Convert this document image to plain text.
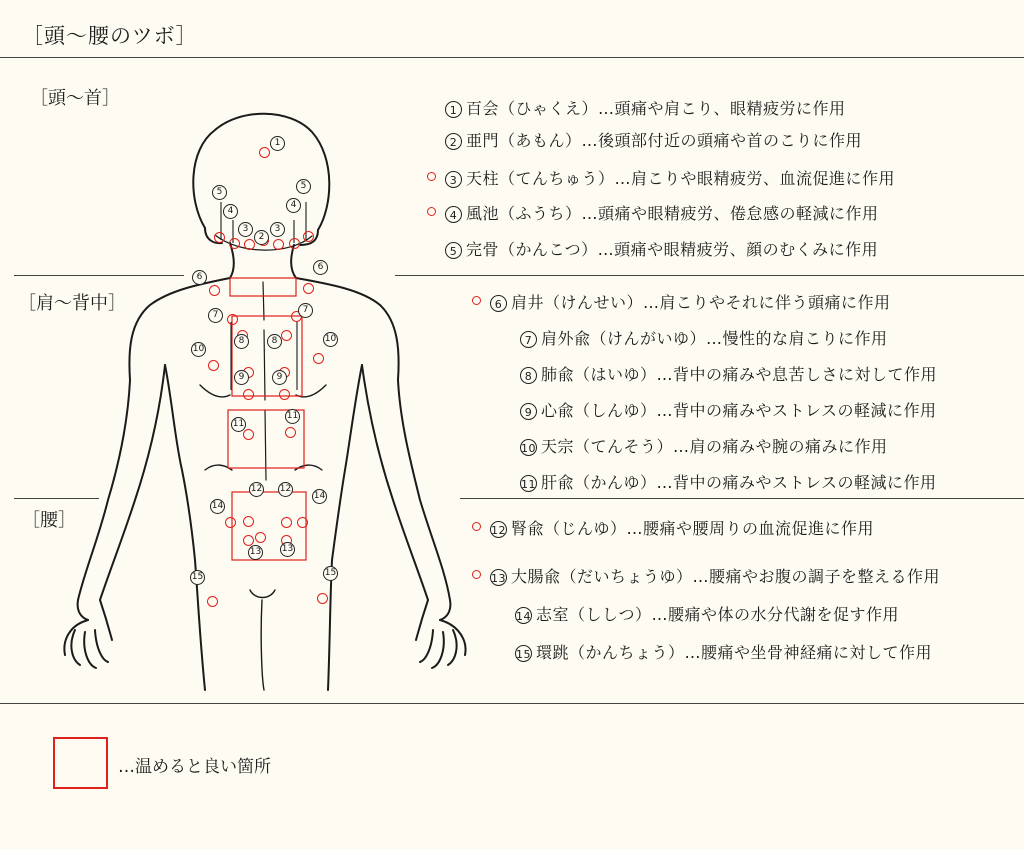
［頭～腰のツボ］
［頭～首］
［肩～背中］
［腰］
1
2
3	3
4
4
5
5
6
6
7	7
8
8
9	9
10
10
11
11
12 12
13 13
14
14
15	15
1 百会（ひゃくえ）…頭痛や肩こり、眼精疲労に作用
2 亜門（あもん）…後頭部付近の頭痛や首のこりに作用
3 天柱（てんちゅう）…肩こりや眼精疲労、血流促進に作用
4 風池（ふうち）…頭痛や眼精疲労、倦怠感の軽減に作用
5 完骨（かんこつ）…頭痛や眼精疲労、顔のむくみに作用
6 肩井（けんせい）…肩こりやそれに伴う頭痛に作用
7 肩外兪（けんがいゆ）…慢性的な肩こりに作用
8 肺兪（はいゆ）…背中の痛みや息苦しさに対して作用
9 心兪（しんゆ）…背中の痛みやストレスの軽減に作用
10 天宗（てんそう）…肩の痛みや腕の痛みに作用
11 肝兪（かんゆ）…背中の痛みやストレスの軽減に作用
12 腎兪（じんゆ）…腰痛や腰周りの血流促進に作用
13 大腸兪（だいちょうゆ）…腰痛やお腹の調子を整える作用
14 志室（ししつ）…腰痛や体の水分代謝を促す作用
15 環跳（かんちょう）…腰痛や坐骨神経痛に対して作用
…温めると良い箇所
